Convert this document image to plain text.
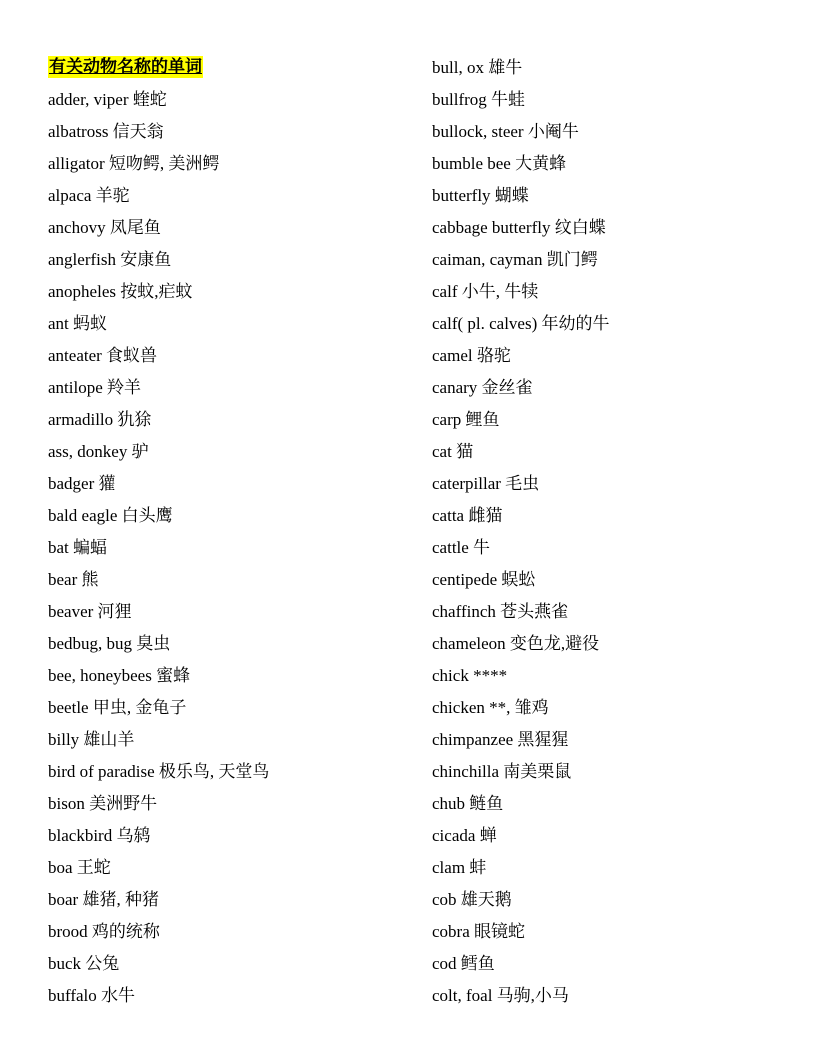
有关动物名称的单词
adder, viper 蝰蛇
albatross 信天翁
alligator 短吻鳄, 美洲鳄
alpaca 羊驼
anchovy 凤尾鱼
anglerfish 安康鱼
anopheles 按蚊,疟蚊
ant 蚂蚁
anteater 食蚁兽
antilope 羚羊
armadillo 犰狳
ass, donkey 驴
badger 獾
bald eagle 白头鹰
bat 蝙蝠
bear 熊
beaver 河狸
bedbug, bug 臭虫
bee, honeybees 蜜蜂
beetle 甲虫, 金龟子
billy 雄山羊
bird of paradise 极乐鸟, 天堂鸟
bison 美洲野牛
blackbird 乌鸫
boa 王蛇
boar 雄猪, 种猪
brood 鸡的统称
buck 公兔
buffalo 水牛
bull, ox 雄牛
bullfrog 牛蛙
bullock, steer 小阉牛
bumble bee 大黄蜂
butterfly 蝴蝶
cabbage butterfly 纹白蝶
caiman, cayman 凯门鳄
calf 小牛, 牛犊
calf( pl. calves) 年幼的牛
camel 骆驼
canary 金丝雀
carp 鲤鱼
cat 猫
caterpillar 毛虫
catta 雌猫
cattle 牛
centipede 蜈蚣
chaffinch 苍头燕雀
chameleon 变色龙,避役
chick ****
chicken **, 雏鸡
chimpanzee 黑猩猩
chinchilla 南美栗鼠
chub 鲢鱼
cicada 蝉
clam 蚌
cob 雄天鹅
cobra 眼镜蛇
cod 鳕鱼
colt, foal 马驹,小马
